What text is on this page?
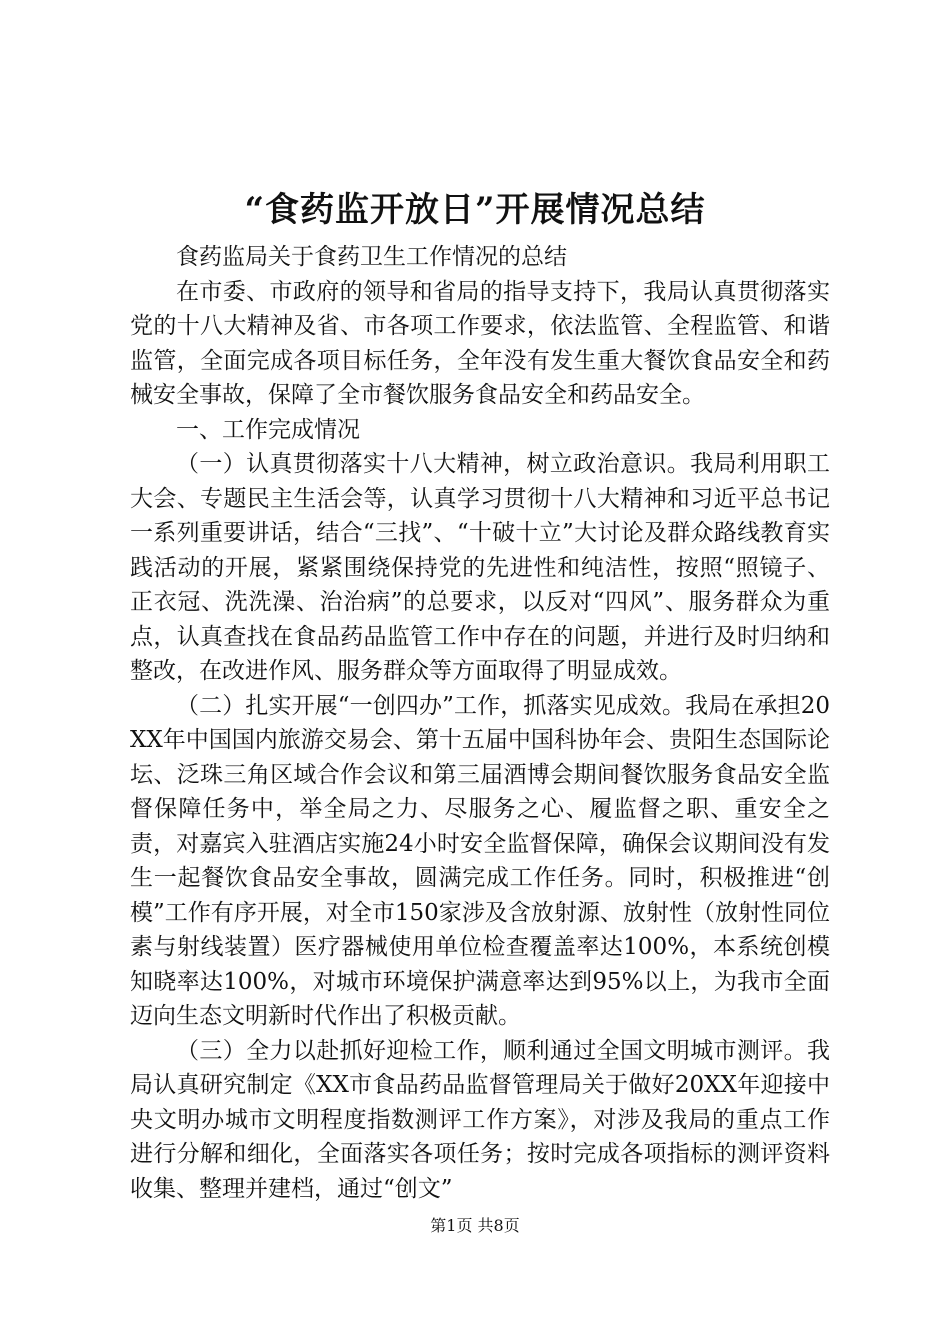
“食药监开放日”开展情况总结

食药监局关于食药卫生工作情况的总结

在市委、市政府的领导和省局的指导支持下，我局认真贯彻落实党的十八大精神及省、市各项工作要求，依法监管、全程监管、和谐监管，全面完成各项目标任务，全年没有发生重大餐饮食品安全和药械安全事故，保障了全市餐饮服务食品安全和药品安全。

一、工作完成情况

（一）认真贯彻落实十八大精神，树立政治意识。我局利用职工大会、专题民主生活会等，认真学习贯彻十八大精神和习近平总书记一系列重要讲话，结合“三找”、“十破十立”大讨论及群众路线教育实践活动的开展，紧紧围绕保持党的先进性和纯洁性，按照“照镜子、正衣冠、洗洗澡、治治病”的总要求，以反对“四风”、服务群众为重点，认真查找在食品药品监管工作中存在的问题，并进行及时归纳和整改，在改进作风、服务群众等方面取得了明显成效。

（二）扎实开展“一创四办”工作，抓落实见成效。我局在承担20XX年中国国内旅游交易会、第十五届中国科协年会、贵阳生态国际论坛、泛珠三角区域合作会议和第三届酒博会期间餐饮服务食品安全监督保障任务中，举全局之力、尽服务之心、履监督之职、重安全之责，对嘉宾入驻酒店实施24小时安全监督保障，确保会议期间没有发生一起餐饮食品安全事故，圆满完成工作任务。同时，积极推进“创模”工作有序开展，对全市150家涉及含放射源、放射性（放射性同位素与射线装置）医疗器械使用单位检查覆盖率达100%，本系统创模知晓率达100%，对城市环境保护满意率达到95%以上，为我市全面迈向生态文明新时代作出了积极贡献。

（三）全力以赴抓好迎检工作，顺利通过全国文明城市测评。我局认真研究制定《XX市食品药品监督管理局关于做好20XX年迎接中央文明办城市文明程度指数测评工作方案》，对涉及我局的重点工作进行分解和细化，全面落实各项任务；按时完成各项指标的测评资料收集、整理并建档，通过“创文”

第1页 共8页
